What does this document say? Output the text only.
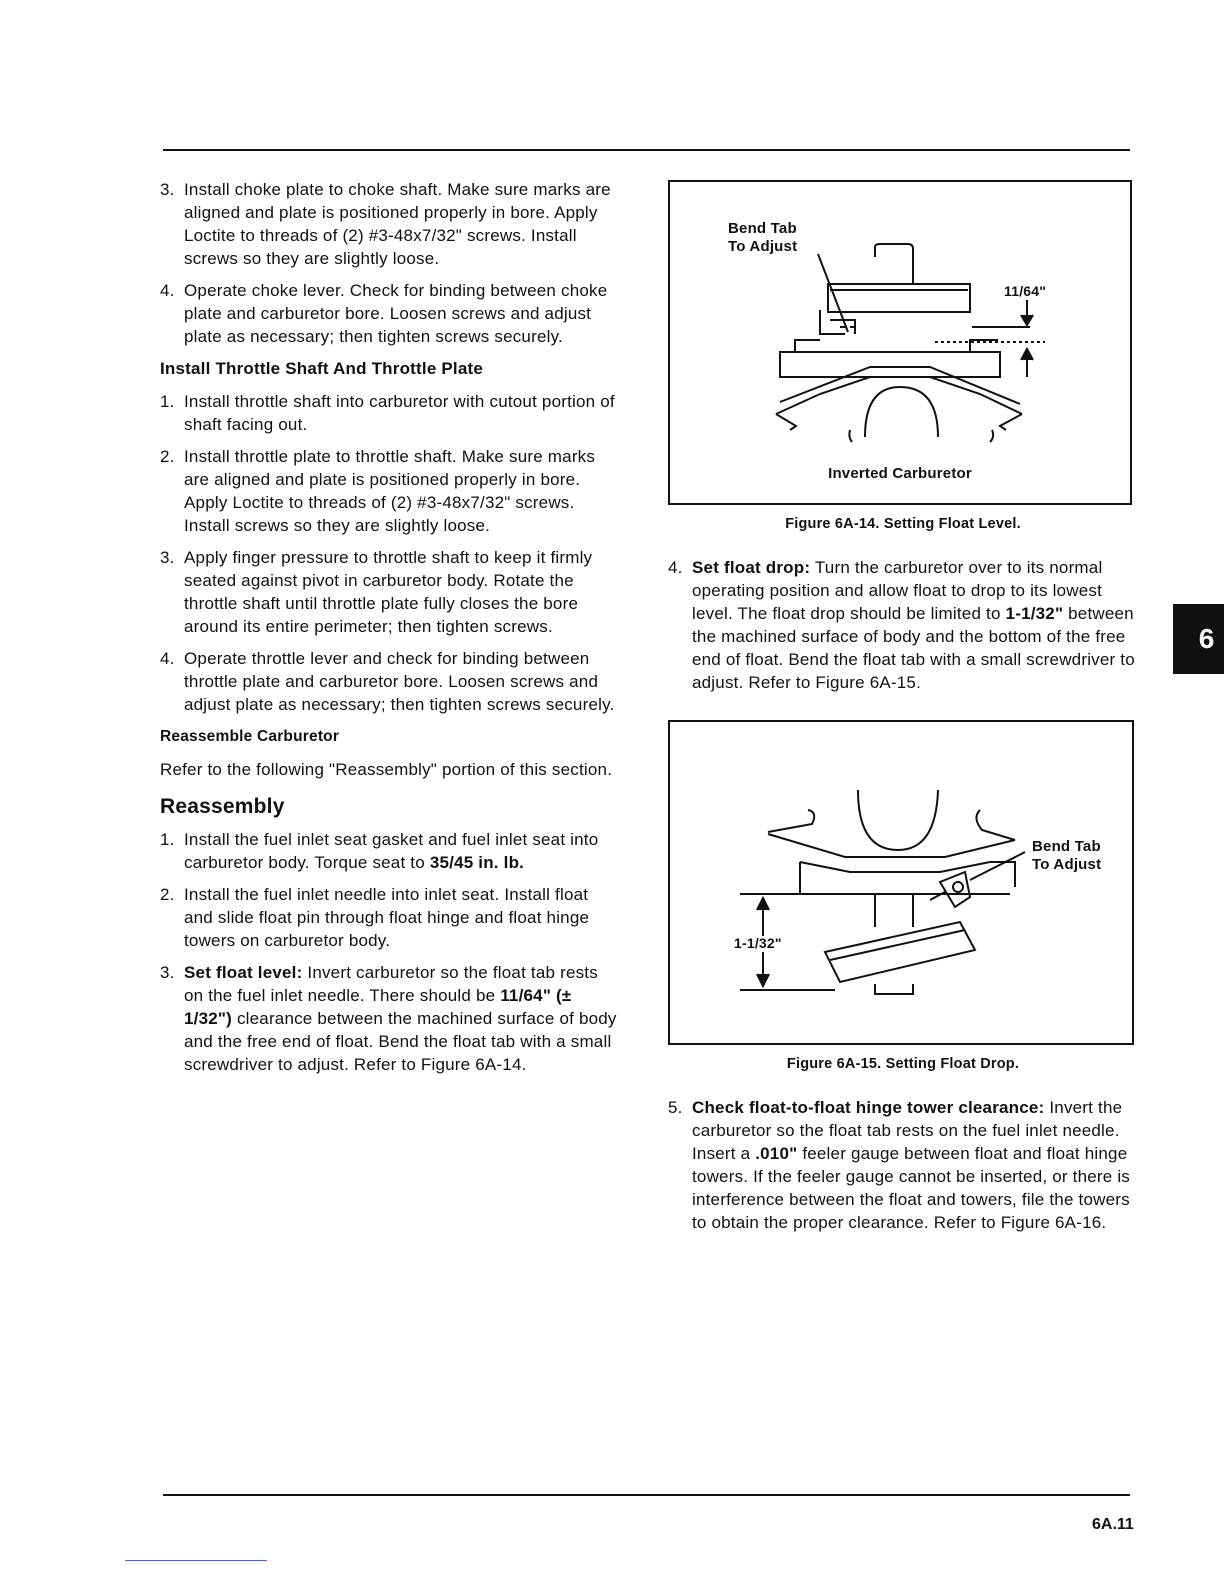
3. Install choke plate to choke shaft. Make sure marks are aligned and plate is positioned properly in bore. Apply Loctite to threads of (2) #3-48x7/32" screws. Install screws so they are slightly loose.
4. Operate choke lever. Check for binding between choke plate and carburetor bore. Loosen screws and adjust plate as necessary; then tighten screws securely.
Install Throttle Shaft And Throttle Plate
1. Install throttle shaft into carburetor with cutout portion of shaft facing out.
2. Install throttle plate to throttle shaft. Make sure marks are aligned and plate is positioned properly in bore. Apply Loctite to threads of (2) #3-48x7/32" screws. Install screws so they are slightly loose.
3. Apply finger pressure to throttle shaft to keep it firmly seated against pivot in carburetor body. Rotate the throttle shaft until throttle plate fully closes the bore around its entire perimeter; then tighten screws.
4. Operate throttle lever and check for binding between throttle plate and carburetor bore. Loosen screws and adjust plate as necessary; then tighten screws securely.
Reassemble Carburetor

Refer to the following "Reassembly" portion of this section.

Reassembly
1. Install the fuel inlet seat gasket and fuel inlet seat into carburetor body. Torque seat to 35/45 in. lb.
2. Install the fuel inlet needle into inlet seat. Install float and slide float pin through float hinge and float hinge towers on carburetor body.
3. Set float level: Invert carburetor so the float tab rests on the fuel inlet needle. There should be 11/64" (± 1/32") clearance between the machined surface of body and the free end of float. Bend the float tab with a small screwdriver to adjust. Refer to Figure 6A-14.
Bend Tab
To Adjust
11/64"
Inverted Carburetor
Figure 6A-14. Setting Float Level.
4. Set float drop: Turn the carburetor over to its normal operating position and allow float to drop to its lowest level. The float drop should be limited to 1-1/32" between the machined surface of body and the bottom of the free end of float. Bend the float tab with a small screwdriver to adjust. Refer to Figure 6A-15.
Bend Tab
To Adjust
1-1/32"
Figure 6A-15. Setting Float Drop.
5. Check float-to-float hinge tower clearance: Invert the carburetor so the float tab rests on the fuel inlet needle. Insert a .010" feeler gauge between float and float hinge towers. If the feeler gauge cannot be inserted, or there is interference between the float and towers, file the towers to obtain the proper clearance. Refer to Figure 6A-16.
6
6A.11
